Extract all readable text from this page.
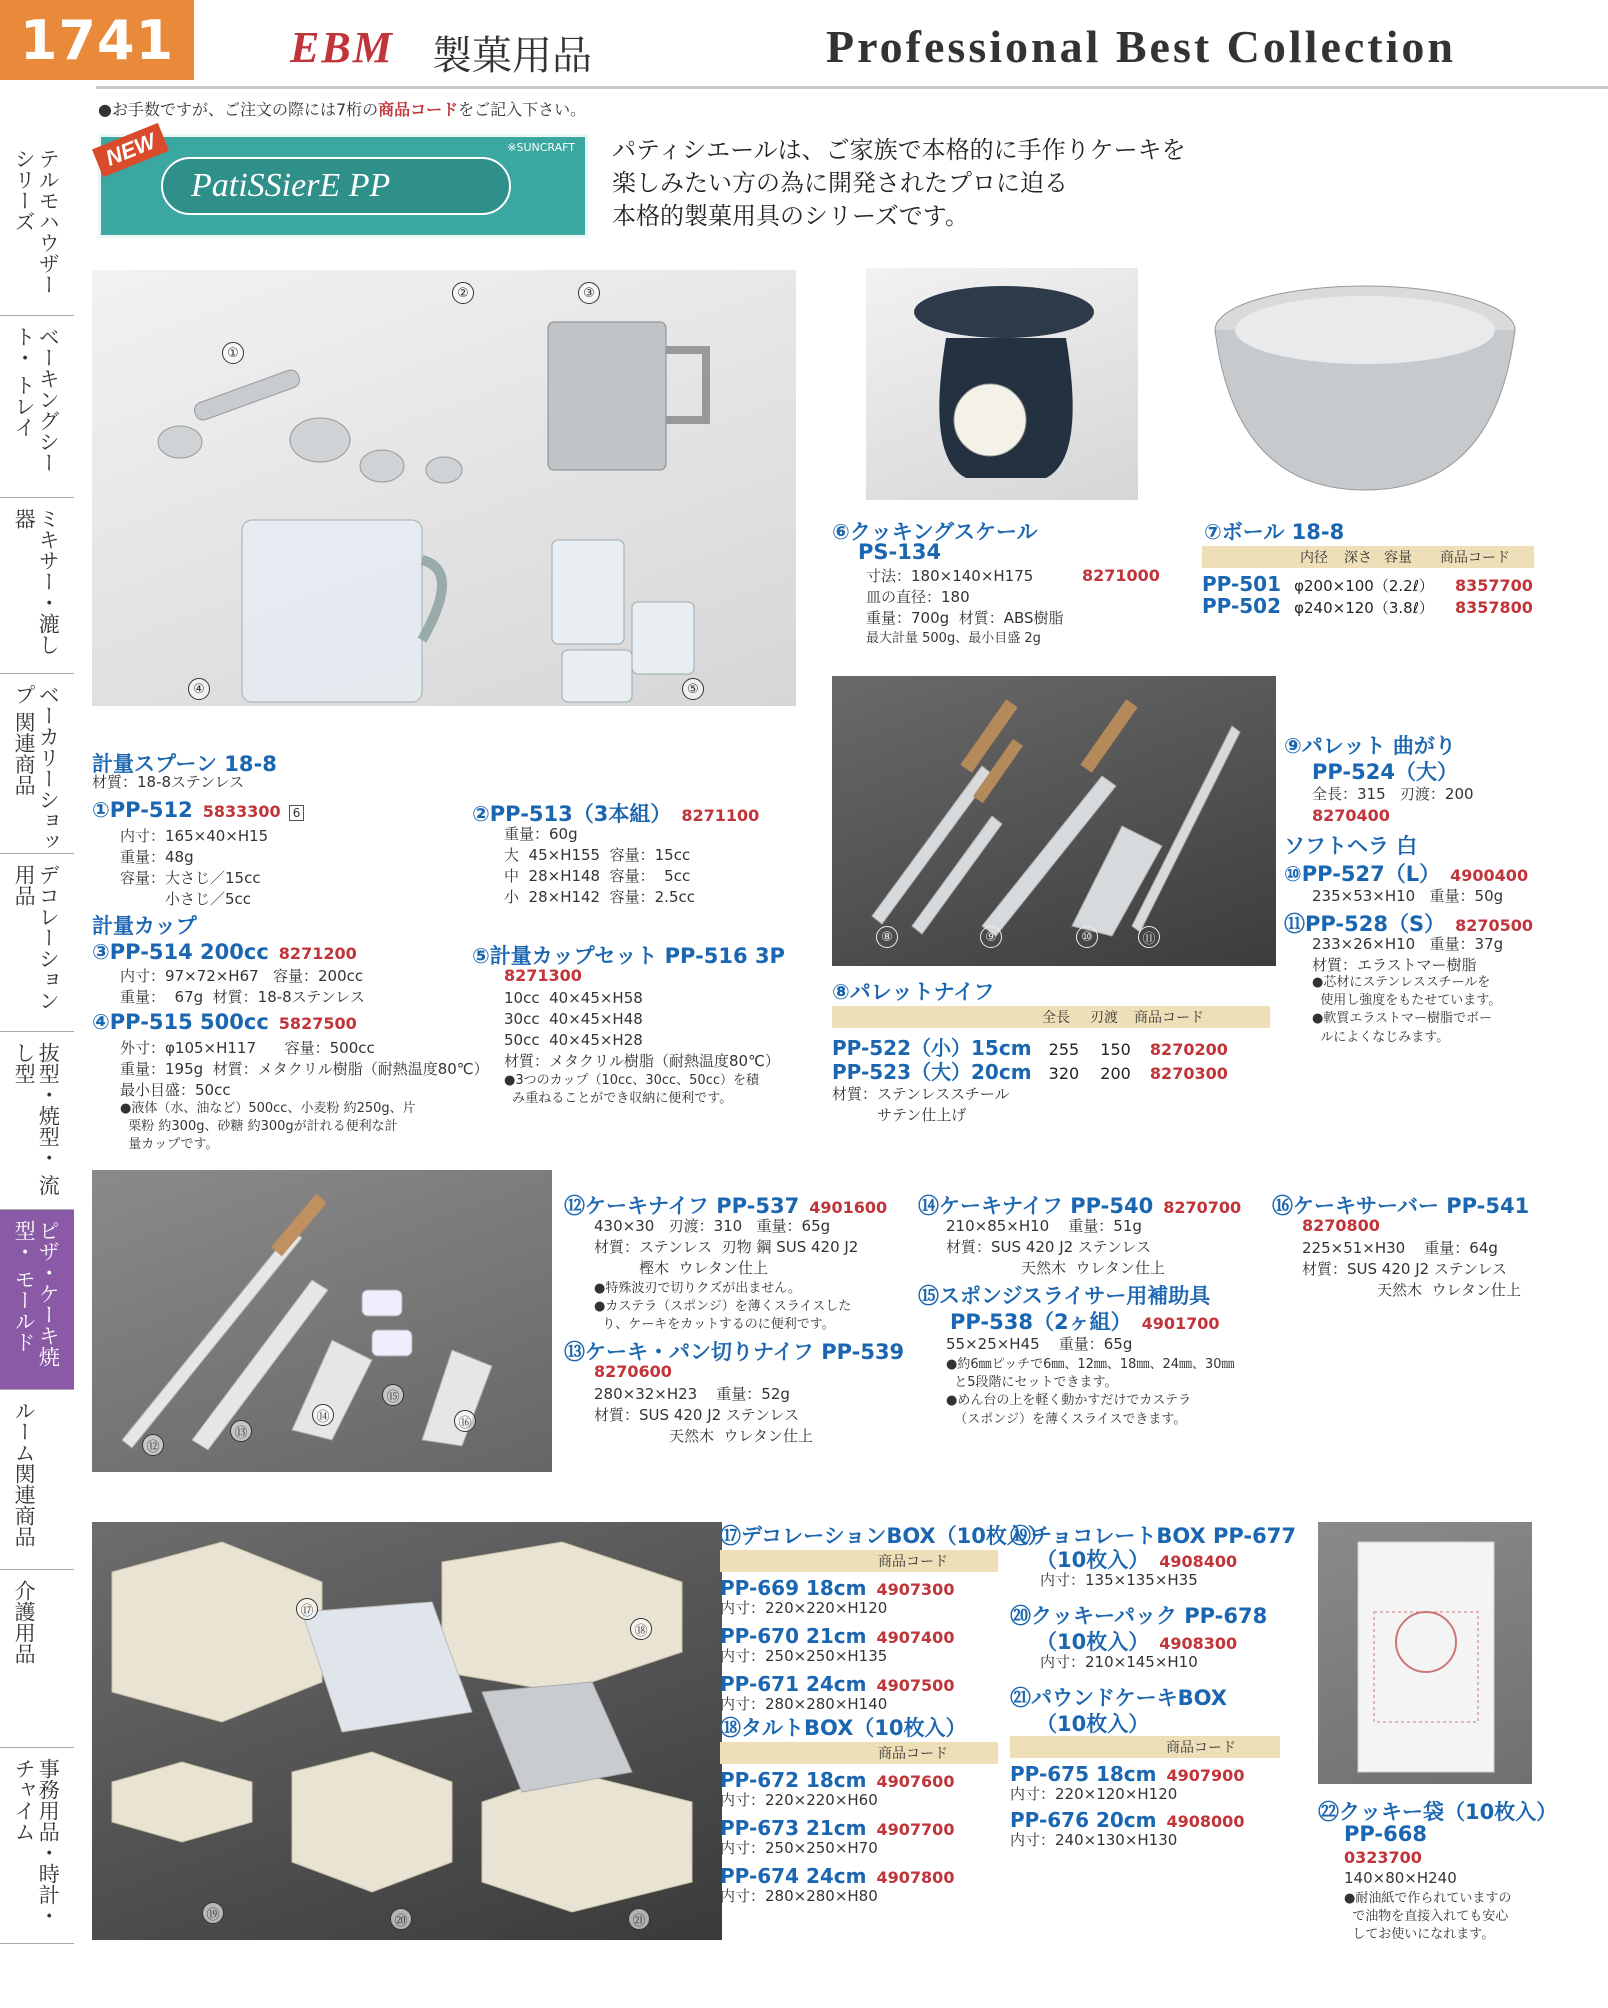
1741	EBM 製菓用品	Professional Best Collection
●お手数ですが、ご注文の際には7桁の商品コードをご記入下さい。
テルモハウザー シリーズ
ベーキングシート・ トレイ
ミキサー・漉し器
ベーカリーショップ 関連商品
デコレーション用品
抜型・焼型・ 流し型
ピザ・ケーキ焼型・ モールド
ルーム関連商品
介護用品
事務用品・時計・ チャイム
NEW	※SUNCRAFT
PatiSSierE PP
パティシエールは、ご家族で本格的に手作りケーキを
楽しみたい方の為に開発されたプロに迫る
本格的製菓用具のシリーズです。
①
②	③
④	⑤
⑥クッキングスケール
PS-134
寸法：180×140×H175
皿の直径：180
重量：700g  材質：ABS樹脂
8271000
最大計量 500g、最小目盛 2g
⑦ボール 18-8
内径 深さ 容量 商品コード
PP-501 φ200×100（2.2ℓ） 8357700
PP-502 φ240×120（3.8ℓ） 8357800
計量スプーン 18-8
材質：18-8ステンレス
①PP-512 5833300 6
内寸：165×40×H15
重量：48g
容量：大さじ／15cc
　　　小さじ／5cc
②PP-513（3本組） 8271100
重量：60g
大  45×H155  容量：15cc
中  28×H148  容量：  5cc
小  28×H142  容量：2.5cc
計量カップ
③PP-514 200cc 8271200
内寸：97×72×H67   容量：200cc
重量：  67g  材質：18-8ステンレス
④PP-515 500cc 5827500
外寸：φ105×H117      容量：500cc
重量：195g  材質：メタクリル樹脂（耐熱温度80℃）
最小目盛：50cc
●液体（水、油など）500cc、小麦粉 約250g、片
栗粉 約300g、砂糖 約300gが計れる便利な計
量カップです。
⑤計量カップセット PP-516 3P
8271300
10cc  40×45×H58
30cc  40×45×H48
50cc  40×45×H28
材質：メタクリル樹脂（耐熱温度80℃）
●3つのカップ（10cc、30cc、50cc）を積
み重ねることができ収納に便利です。
⑧	⑨	⑩	⑪
⑧パレットナイフ
全長 刃渡 商品コード
PP-522（小）15cm 255 150 8270200
PP-523（大）20cm 320 200 8270300
材質：ステンレススチール
　　　サテン仕上げ
⑨パレット 曲がり
PP-524（大）
全長：315   刃渡：200
8270400
ソフトヘラ 白
⑩PP-527（L） 4900400
235×53×H10   重量：50g
⑪PP-528（S） 8270500
233×26×H10   重量：37g
材質：エラストマー樹脂
●芯材にステンレススチールを
使用し強度をもたせています。
●軟質エラストマー樹脂でボー
ルによくなじみます。
⑫
⑬
⑭
⑮
⑯
⑫ケーキナイフ PP-537 4901600
430×30   刃渡：310   重量：65g
材質：ステンレス  刃物 鋼 SUS 420 J2
　　　樫木  ウレタン仕上
●特殊波刃で切りクズが出ません。
●カステラ（スポンジ）を薄くスライスした
り、ケーキをカットするのに便利です。
⑬ケーキ・パン切りナイフ PP-539
8270600
280×32×H23    重量：52g
材質：SUS 420 J2 ステンレス
　　　　　天然木  ウレタン仕上
⑭ケーキナイフ PP-540 8270700
210×85×H10    重量：51g
材質：SUS 420 J2 ステンレス
　　　　　天然木  ウレタン仕上
⑮スポンジスライサー用補助具
PP-538（2ヶ組） 4901700
55×25×H45    重量：65g
●約6㎜ピッチで6㎜、12㎜、18㎜、24㎜、30㎜
と5段階にセットできます。
●めん台の上を軽く動かすだけでカステラ
（スポンジ）を薄くスライスできます。
⑯ケーキサーバー PP-541
8270800
225×51×H30    重量：64g
材質：SUS 420 J2 ステンレス
　　　　　天然木  ウレタン仕上
⑰
⑱
⑲	⑳	㉑
⑰デコレーションBOX（10枚入）
商品コード
PP-669 18cm 4907300
内寸：220×220×H120
PP-670 21cm 4907400
内寸：250×250×H135
PP-671 24cm 4907500
内寸：280×280×H140
⑱タルトBOX（10枚入）
商品コード
PP-672 18cm 4907600
内寸：220×220×H60
PP-673 21cm 4907700
内寸：250×250×H70
PP-674 24cm 4907800
内寸：280×280×H80
⑲チョコレートBOX PP-677
（10枚入） 4908400
内寸：135×135×H35
⑳クッキーパック PP-678
（10枚入） 4908300
内寸：210×145×H10
㉑パウンドケーキBOX
（10枚入）
商品コード
PP-675 18cm 4907900
内寸：220×120×H120
PP-676 20cm 4908000
内寸：240×130×H130
㉒クッキー袋（10枚入）
PP-668
0323700
140×80×H240
●耐油紙で作られていますの
で油物を直接入れても安心
してお使いになれます。
